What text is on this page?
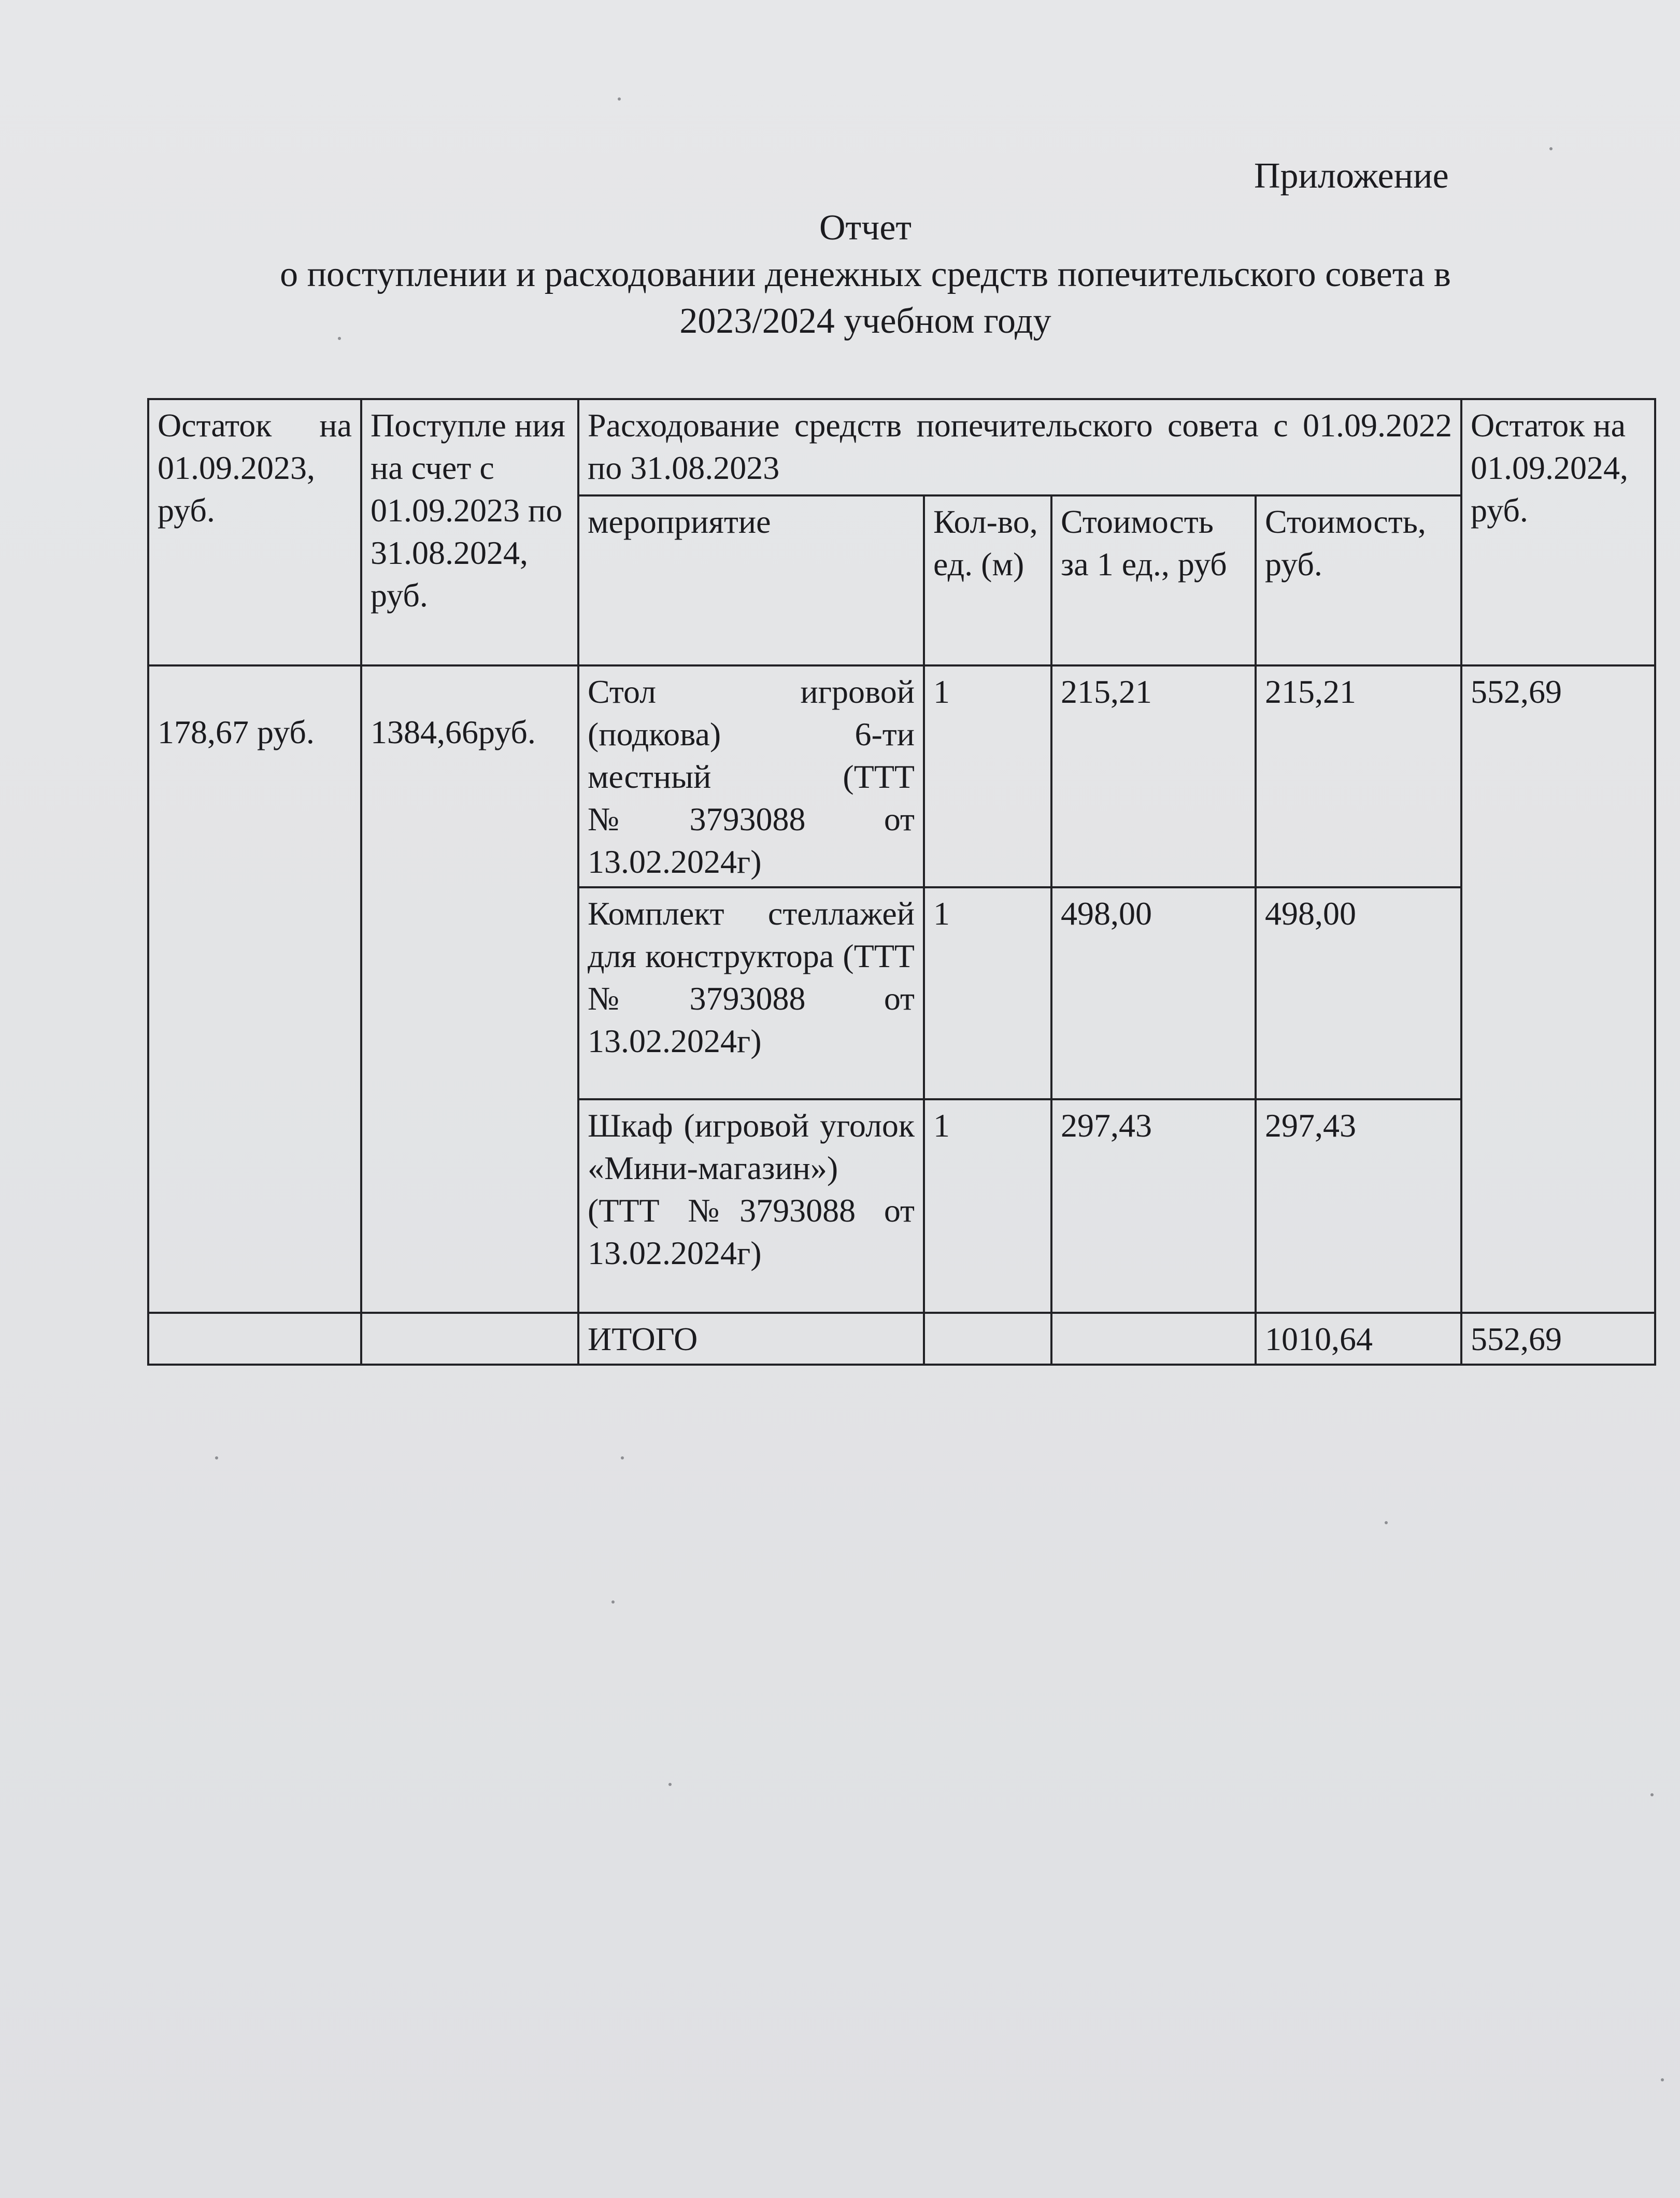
Приложение
Отчет
о поступлении и расходовании денежных средств попечительского совета в
2023/2024 учебном году
Остаток на 01.09.2023, руб.	Поступле ния на счет с 01.09.2023 по 31.08.2024, руб.	Расходование средств попечительского совета с 01.09.2022 по 31.08.2023				Остаток на 01.09.2024, руб.
		мероприятие	Кол-во, ед. (м)	Стоимость за 1 ед., руб	Стоимость, руб.	
178,67 руб.	1384,66руб.	Стол игровой (подкова) 6-ти местный (ТТТ №3793088 от 13.02.2024г)	1	215,21	215,21	552,69
		Комплект стеллажей для конструктора (ТТТ №3793088 от 13.02.2024г)	1	498,00	498,00	
		Шкаф (игровой уголок «Мини-магазин») (ТТТ №3793088 от 13.02.2024г)	1	297,43	297,43	
		ИТОГО			1010,64	552,69
